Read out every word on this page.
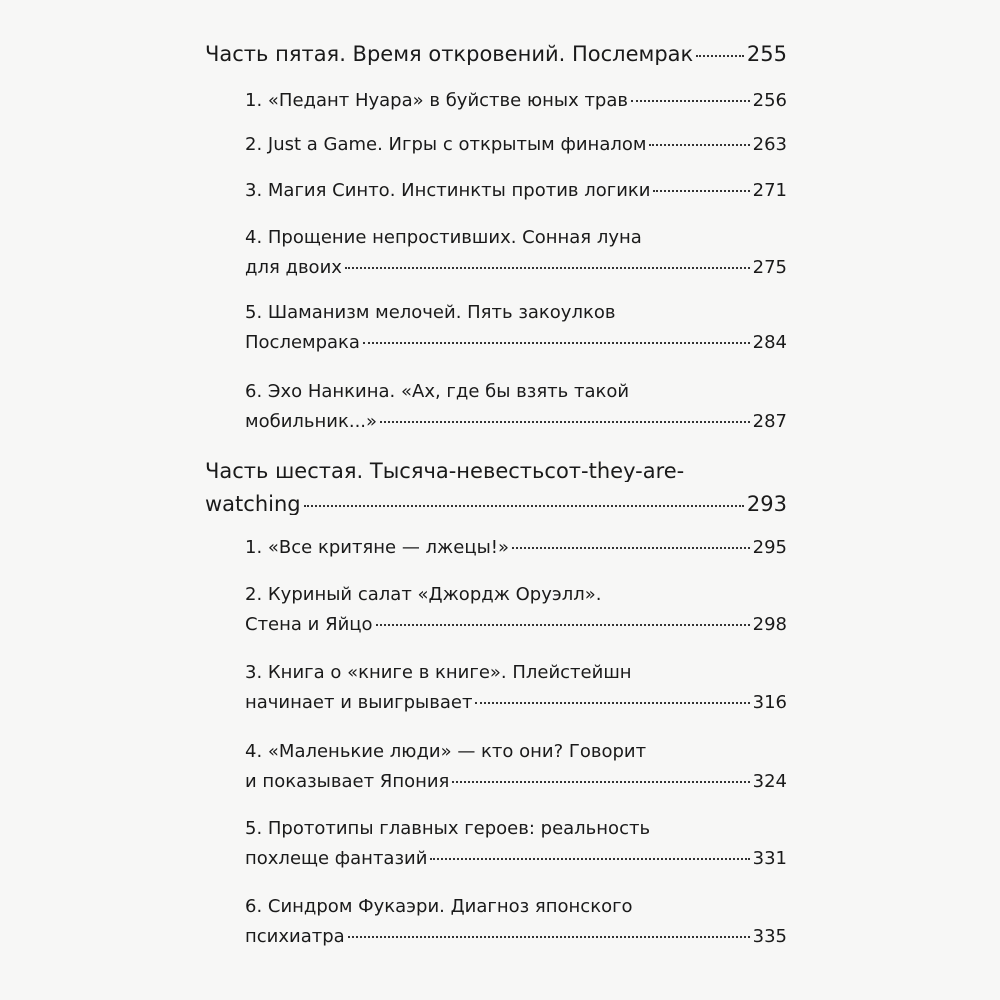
Часть пятая. Время откровений. Послемрак	255
1. «Педант Нуара» в буйстве юных трав	256
2. Just a Game. Игры с открытым финалом	263
3. Магия Синто. Инстинкты против логики	271
4. Прощение непростивших. Сонная луна
для двоих	275
5. Шаманизм мелочей. Пять закоулков
Послемрака	284
6. Эхо Нанкина. «Ах, где бы взять такой
мобильник...»	287
Часть шестая. Тысяча-невестьсот-they-are-
watching	293
1. «Все критяне — лжецы!»	295
2. Куриный салат «Джордж Оруэлл».
Стена и Яйцо	298
3. Книга о «книге в книге». Плейстейшн
начинает и выигрывает	316
4. «Маленькие люди» — кто они? Говорит
и показывает Япония	324
5. Прототипы главных героев: реальность
похлеще фантазий	331
6. Синдром Фукаэри. Диагноз японского
психиатра	335
